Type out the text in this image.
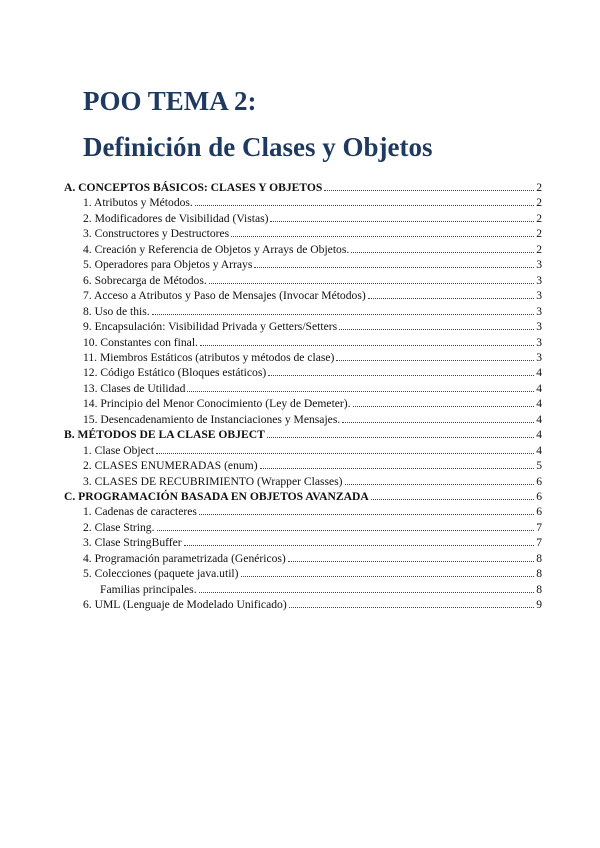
POO TEMA 2:
Definición de Clases y Objetos
A. CONCEPTOS BÁSICOS: CLASES Y OBJETOS	2
1. Atributos y Métodos.	2
2. Modificadores de Visibilidad (Vistas)	2
3. Constructores y Destructores	2
4. Creación y Referencia de Objetos y Arrays de Objetos.	2
5. Operadores para Objetos y Arrays	3
6. Sobrecarga de Métodos.	3
7. Acceso a Atributos y Paso de Mensajes (Invocar Métodos)	3
8. Uso de this.	3
9. Encapsulación: Visibilidad Privada y Getters/Setters	3
10. Constantes con final.	3
11. Miembros Estáticos (atributos y métodos de clase)	3
12. Código Estático (Bloques estáticos)	4
13. Clases de Utilidad	4
14. Principio del Menor Conocimiento (Ley de Demeter).	4
15. Desencadenamiento de Instanciaciones y Mensajes.	4
B. MÉTODOS DE LA CLASE OBJECT	4
1. Clase Object	4
2. CLASES ENUMERADAS (enum)	5
3. CLASES DE RECUBRIMIENTO (Wrapper Classes)	6
C. PROGRAMACIÓN BASADA EN OBJETOS AVANZADA	6
1. Cadenas de caracteres	6
2. Clase String.	7
3. Clase StringBuffer	7
4. Programación parametrizada (Genéricos)	8
5. Colecciones (paquete java.util)	8
Familias principales.	8
6. UML (Lenguaje de Modelado Unificado)	9
